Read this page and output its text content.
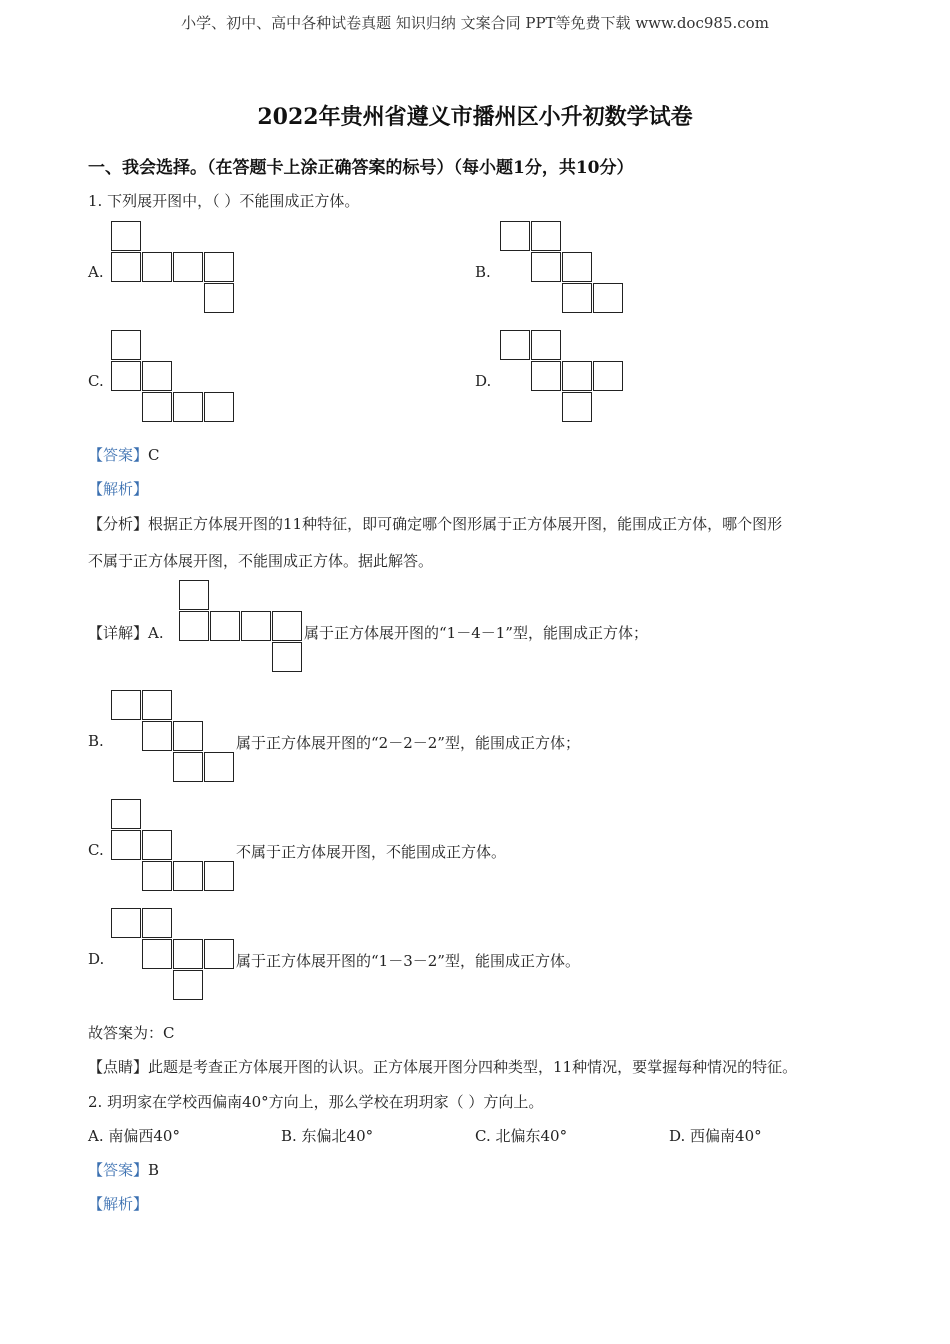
小学、初中、高中各种试卷真题 知识归纳 文案合同 PPT等免费下载 www.doc985.com
2022年贵州省遵义市播州区小升初数学试卷
一、我会选择。（在答题卡上涂正确答案的标号）（每小题1分，共10分）
1. 下列展开图中，（ ）不能围成正方体。
A.	B.
C.	D.
【答案】C
【解析】
【分析】根据正方体展开图的11种特征，即可确定哪个图形属于正方体展开图，能围成正方体，哪个图形
不属于正方体展开图，不能围成正方体。据此解答。
【详解】A.	属于正方体展开图的“1－4－1”型，能围成正方体；
B.	属于正方体展开图的“2－2－2”型，能围成正方体；
C.	不属于正方体展开图，不能围成正方体。
D.	属于正方体展开图的“1－3－2”型，能围成正方体。
故答案为：C
【点睛】此题是考查正方体展开图的认识。正方体展开图分四种类型，11种情况，要掌握每种情况的特征。
2. 玥玥家在学校西偏南40°方向上，那么学校在玥玥家（ ）方向上。
A. 南偏西40°	B. 东偏北40°	C. 北偏东40°	D. 西偏南40°
【答案】B
【解析】
